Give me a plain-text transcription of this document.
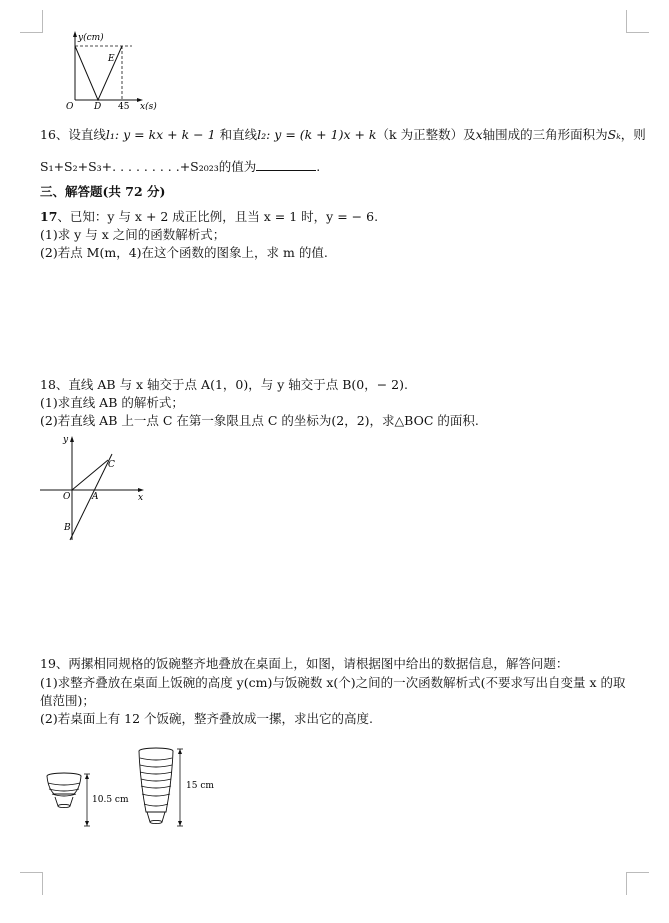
y(cm)
E
O D 45 x(s)
16、设直线l₁: y = kx + k − 1 和直线l₂: y = (k + 1)x + k（k 为正整数）及x轴围成的三角形面积为Sₖ，则
S₁+S₂+S₃+. . . . . . . . .+S₂₀₂₃的值为	.
三、解答题(共 72 分)
17、已知：y 与 x + 2 成正比例，且当 x = 1 时，y = − 6.
(1)求 y 与 x 之间的函数解析式；
(2)若点 M(m，4)在这个函数的图象上，求 m 的值.
18、直线 AB 与 x 轴交于点 A(1，0)，与 y 轴交于点 B(0，− 2).
(1)求直线 AB 的解析式；
(2)若直线 AB 上一点 C 在第一象限且点 C 的坐标为(2，2)，求△BOC 的面积.
y
x
O A
B
C
19、两摞相同规格的饭碗整齐地叠放在桌面上，如图，请根据图中给出的数据信息，解答问题：
(1)求整齐叠放在桌面上饭碗的高度 y(cm)与饭碗数 x(个)之间的一次函数解析式(不要求写出自变量 x 的取
值范围)；
(2)若桌面上有 12 个饭碗，整齐叠放成一摞，求出它的高度.
10.5 cm
15 cm
